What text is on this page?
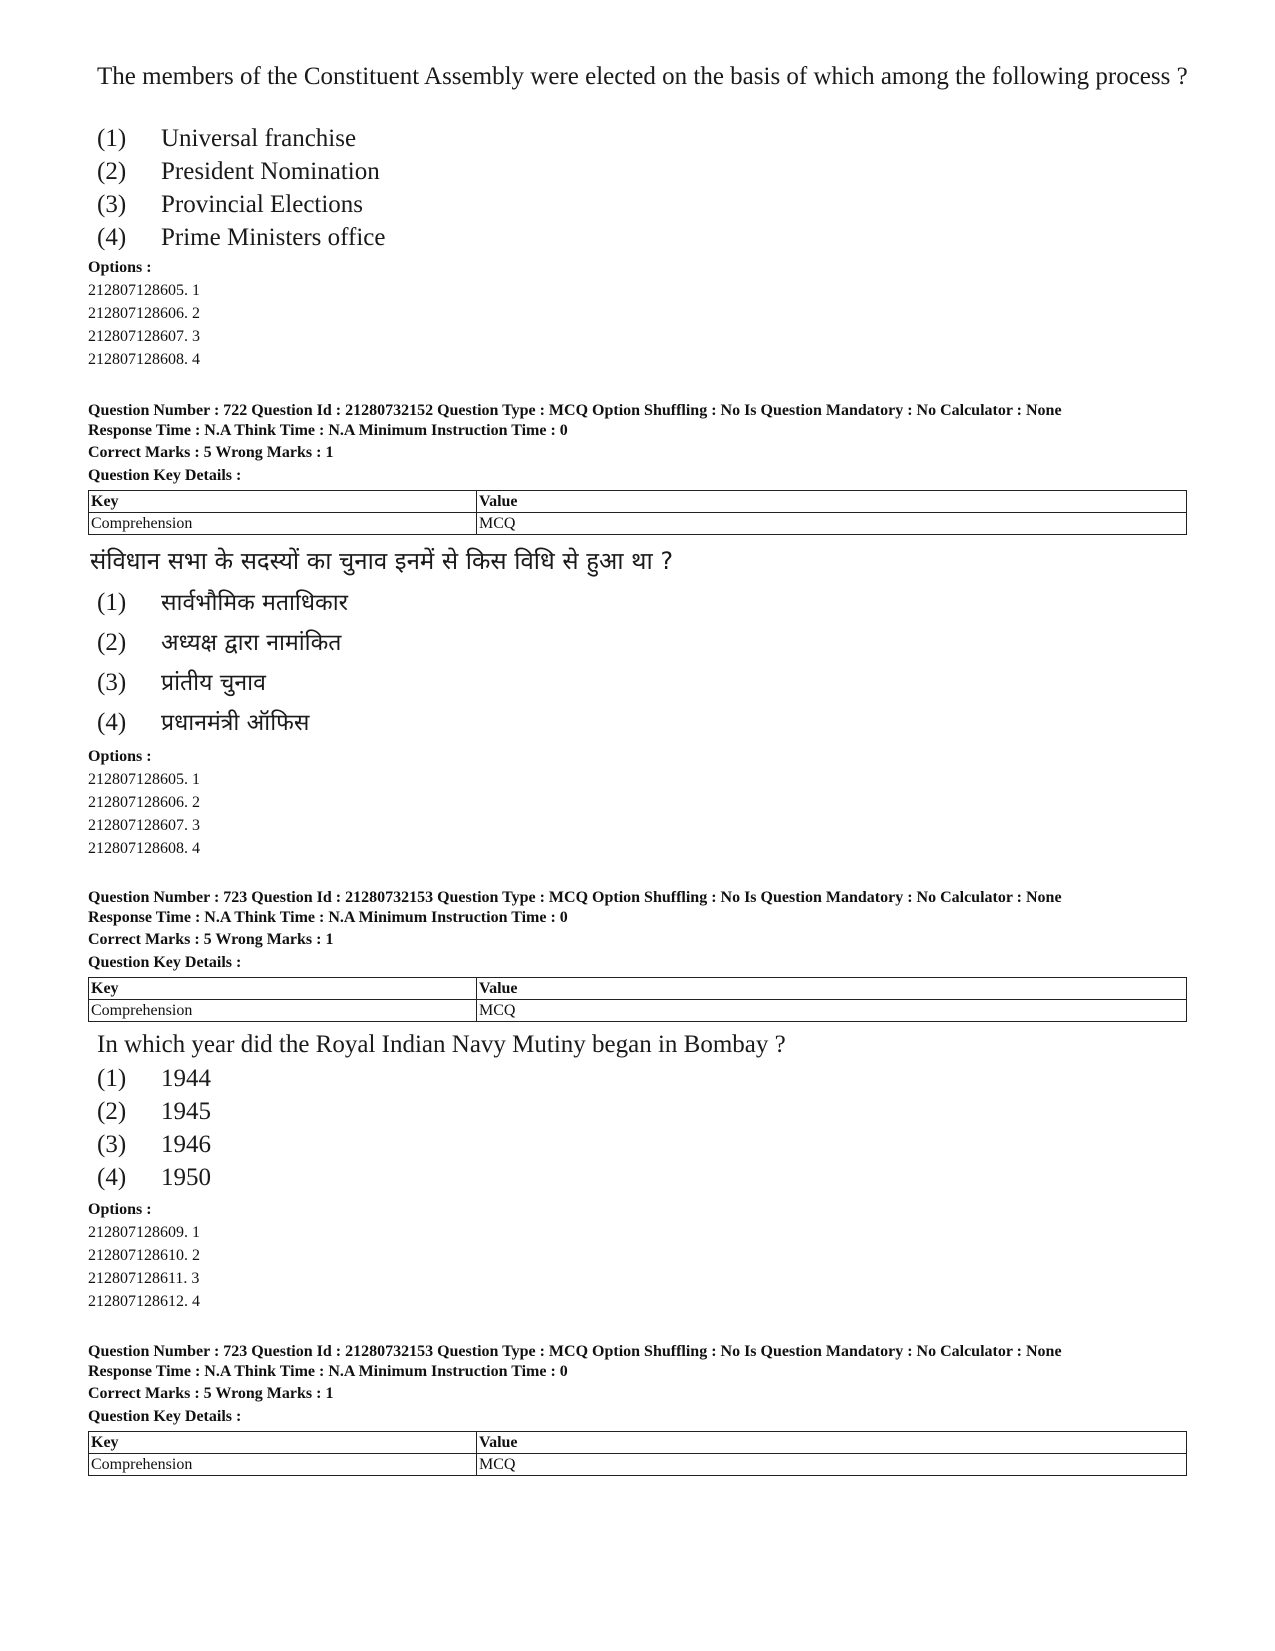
The members of the Constituent Assembly were elected on the basis of which among the following process ?
(1)	Universal franchise
(2)	President Nomination
(3)	Provincial Elections
(4)	Prime Ministers office
Options :
212807128605. 1
212807128606. 2
212807128607. 3
212807128608. 4
Question Number : 722 Question Id : 21280732152 Question Type : MCQ Option Shuffling : No Is Question Mandatory : No Calculator : None
Response Time : N.A Think Time : N.A Minimum Instruction Time : 0
Correct Marks : 5 Wrong Marks : 1
Question Key Details :
Key	Value
Comprehension	MCQ
संविधान सभा के सदस्यों का चुनाव इनमें से किस विधि से हुआ था ?
(1)	सार्वभौमिक मताधिकार
(2)	अध्यक्ष द्वारा नामांकित
(3)	प्रांतीय चुनाव
(4)	प्रधानमंत्री ऑफिस
Options :
212807128605. 1
212807128606. 2
212807128607. 3
212807128608. 4
Question Number : 723 Question Id : 21280732153 Question Type : MCQ Option Shuffling : No Is Question Mandatory : No Calculator : None
Response Time : N.A Think Time : N.A Minimum Instruction Time : 0
Correct Marks : 5 Wrong Marks : 1
Question Key Details :
Key	Value
Comprehension	MCQ
In which year did the Royal Indian Navy Mutiny began in Bombay ?
(1)	1944
(2)	1945
(3)	1946
(4)	1950
Options :
212807128609. 1
212807128610. 2
212807128611. 3
212807128612. 4
Question Number : 723 Question Id : 21280732153 Question Type : MCQ Option Shuffling : No Is Question Mandatory : No Calculator : None
Response Time : N.A Think Time : N.A Minimum Instruction Time : 0
Correct Marks : 5 Wrong Marks : 1
Question Key Details :
Key	Value
Comprehension	MCQ
